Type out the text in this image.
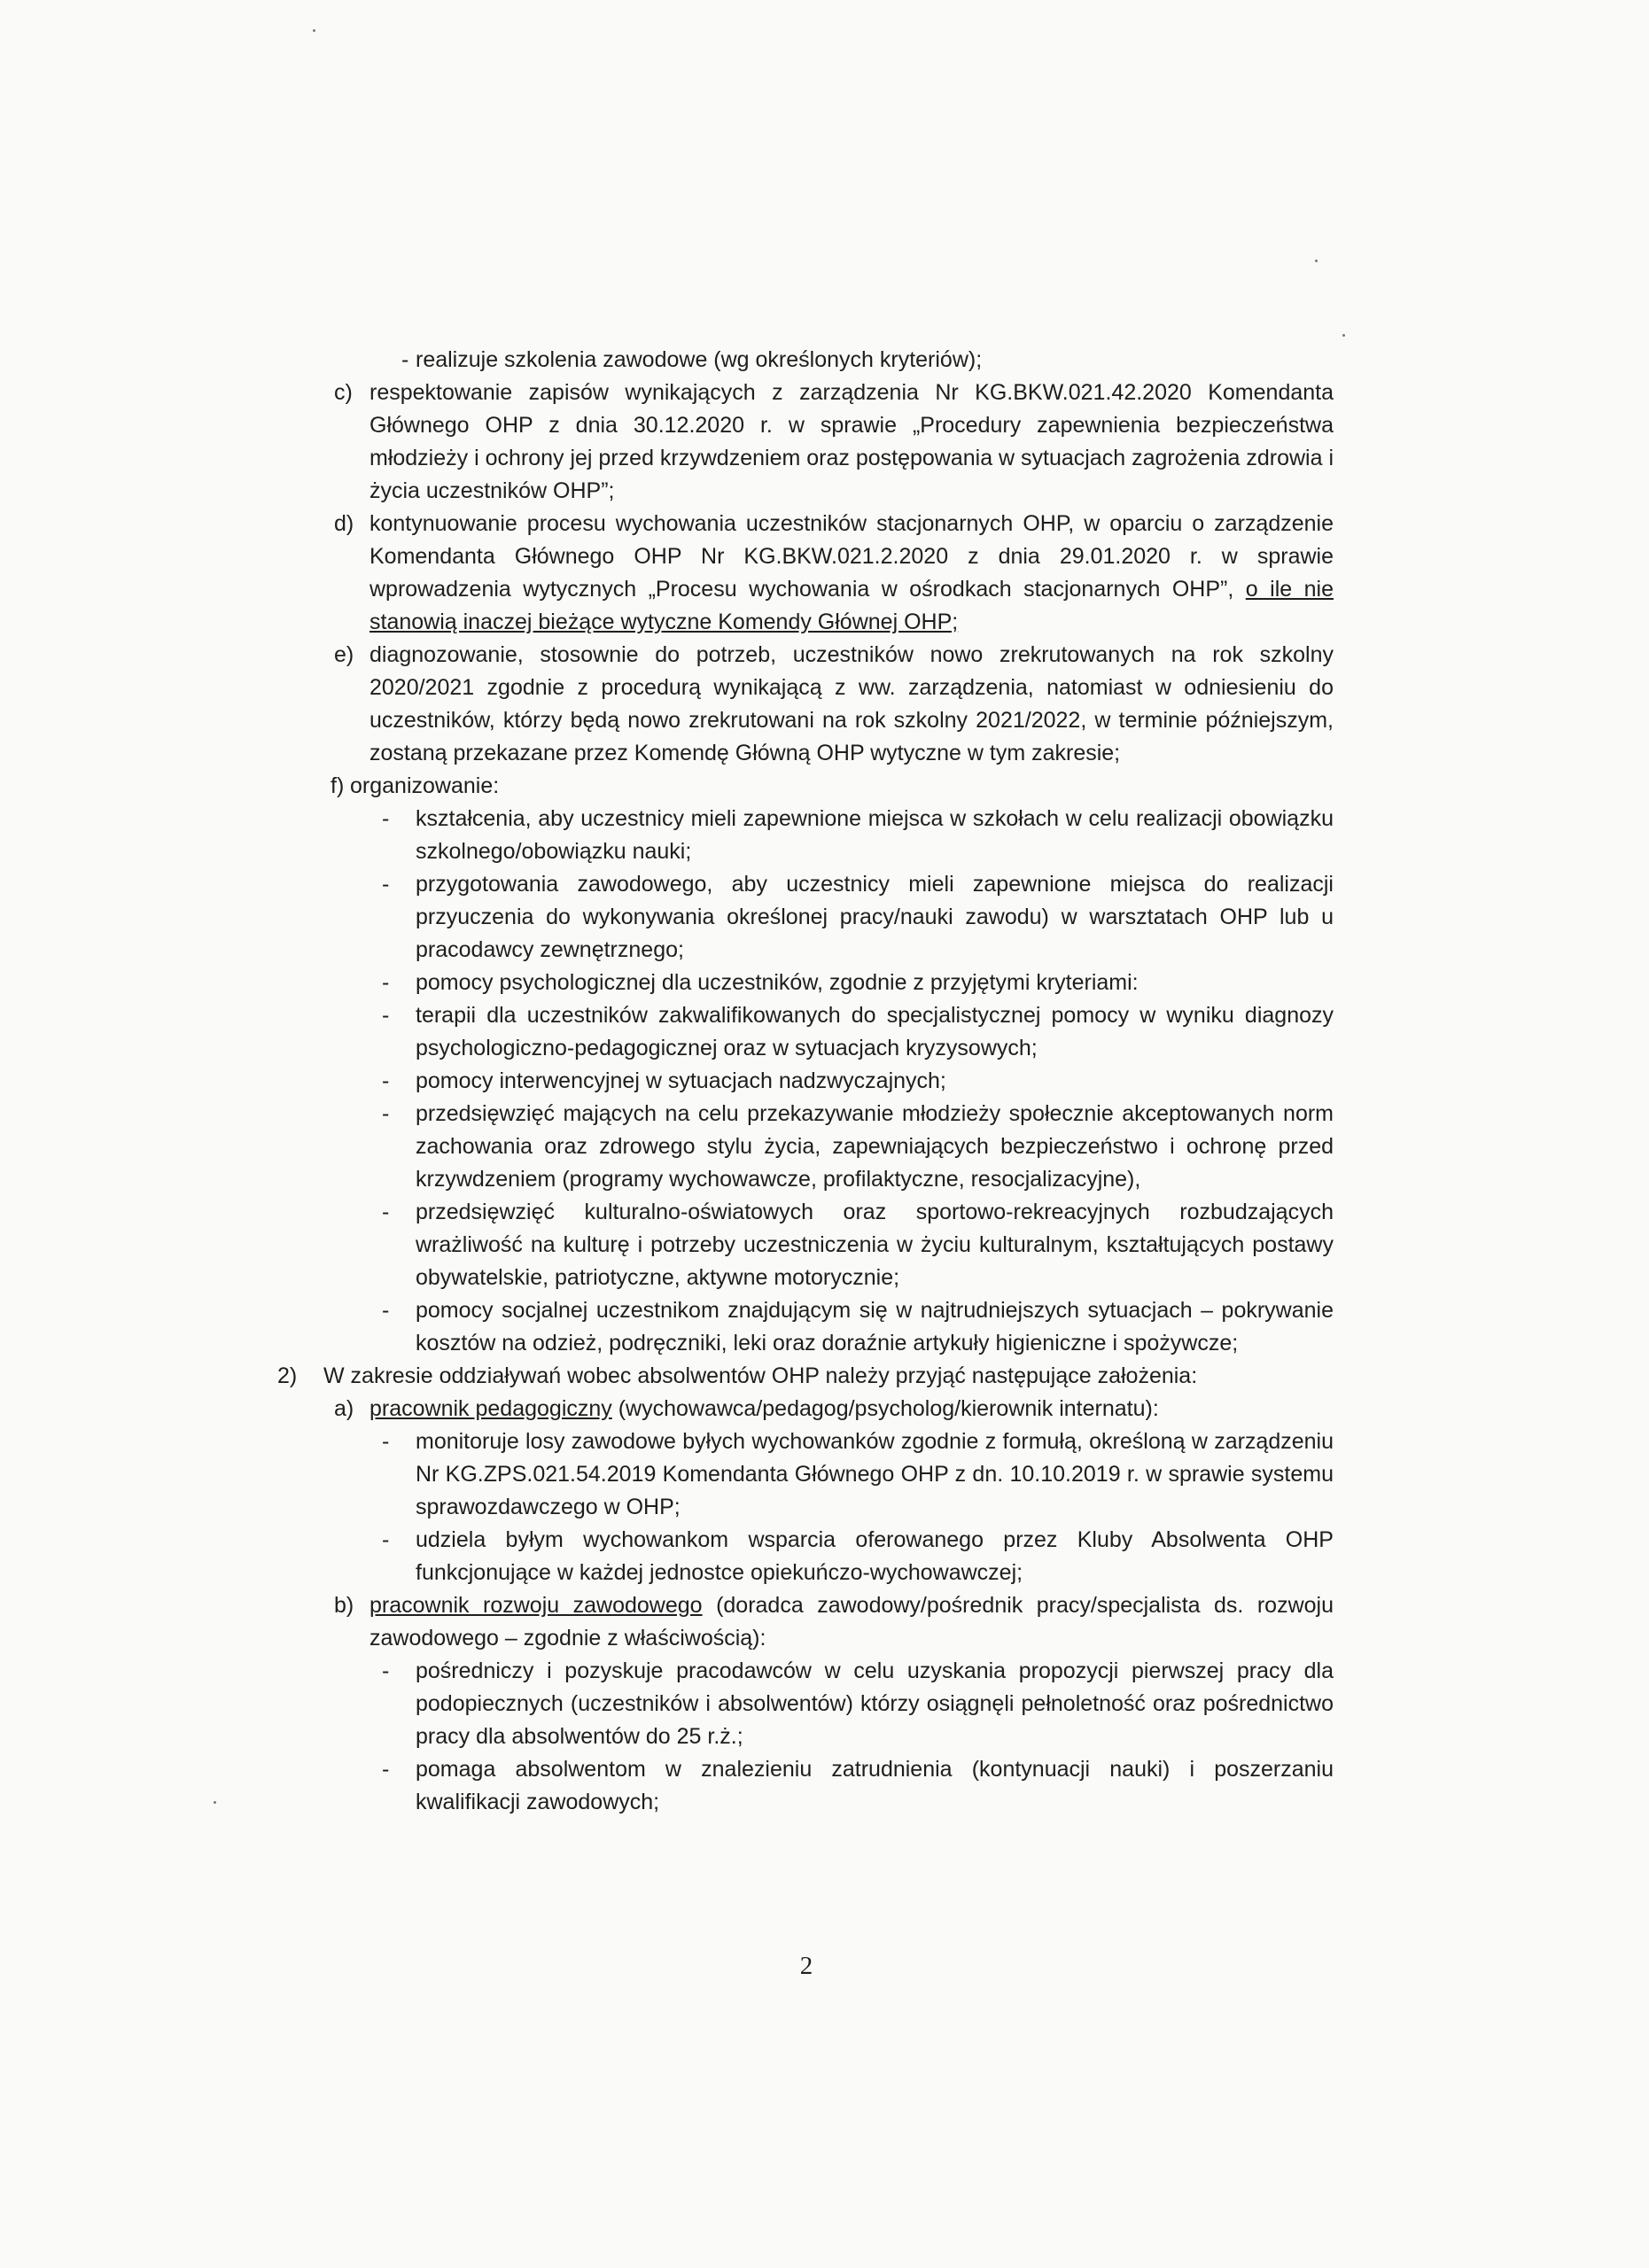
- realizuje szkolenia zawodowe (wg określonych kryteriów);
c) respektowanie zapisów wynikających z zarządzenia Nr KG.BKW.021.42.2020 Komendanta Głównego OHP z dnia 30.12.2020 r. w sprawie „Procedury zapewnienia bezpieczeństwa młodzieży i ochrony jej przed krzywdzeniem oraz postępowania w sytuacjach zagrożenia zdrowia i życia uczestników OHP”;
d) kontynuowanie procesu wychowania uczestników stacjonarnych OHP, w oparciu o zarządzenie Komendanta Głównego OHP Nr KG.BKW.021.2.2020 z dnia 29.01.2020 r. w sprawie wprowadzenia wytycznych „Procesu wychowania w ośrodkach stacjonarnych OHP”, o ile nie stanowią inaczej bieżące wytyczne Komendy Głównej OHP;
e) diagnozowanie, stosownie do potrzeb, uczestników nowo zrekrutowanych na rok szkolny 2020/2021 zgodnie z procedurą wynikającą z ww. zarządzenia, natomiast w odniesieniu do uczestników, którzy będą nowo zrekrutowani na rok szkolny 2021/2022, w terminie późniejszym, zostaną przekazane przez Komendę Główną OHP wytyczne w tym zakresie;
f) organizowanie:
- kształcenia, aby uczestnicy mieli zapewnione miejsca w szkołach w celu realizacji obowiązku szkolnego/obowiązku nauki;
- przygotowania zawodowego, aby uczestnicy mieli zapewnione miejsca do realizacji przyuczenia do wykonywania określonej pracy/nauki zawodu) w warsztatach OHP lub u pracodawcy zewnętrznego;
- pomocy psychologicznej dla uczestników, zgodnie z przyjętymi kryteriami:
- terapii dla uczestników zakwalifikowanych do specjalistycznej pomocy w wyniku diagnozy psychologiczno-pedagogicznej oraz w sytuacjach kryzysowych;
- pomocy interwencyjnej w sytuacjach nadzwyczajnych;
- przedsięwzięć mających na celu przekazywanie młodzieży społecznie akceptowanych norm zachowania oraz zdrowego stylu życia, zapewniających bezpieczeństwo i ochronę przed krzywdzeniem (programy wychowawcze, profilaktyczne, resocjalizacyjne),
- przedsięwzięć kulturalno-oświatowych oraz sportowo-rekreacyjnych rozbudzających wrażliwość na kulturę i potrzeby uczestniczenia w życiu kulturalnym, kształtujących postawy obywatelskie, patriotyczne, aktywne motorycznie;
- pomocy socjalnej uczestnikom znajdującym się w najtrudniejszych sytuacjach – pokrywanie kosztów na odzież, podręczniki, leki oraz doraźnie artykuły higieniczne i spożywcze;
2) W zakresie oddziaływań wobec absolwentów OHP należy przyjąć następujące założenia:
a) pracownik pedagogiczny (wychowawca/pedagog/psycholog/kierownik internatu):
- monitoruje losy zawodowe byłych wychowanków zgodnie z formułą, określoną w zarządzeniu Nr KG.ZPS.021.54.2019 Komendanta Głównego OHP z dn. 10.10.2019 r. w sprawie systemu sprawozdawczego w OHP;
- udziela byłym wychowankom wsparcia oferowanego przez Kluby Absolwenta OHP funkcjonujące w każdej jednostce opiekuńczo-wychowawczej;
b) pracownik rozwoju zawodowego (doradca zawodowy/pośrednik pracy/specjalista ds. rozwoju zawodowego – zgodnie z właściwością):
- pośredniczy i pozyskuje pracodawców w celu uzyskania propozycji pierwszej pracy dla podopiecznych (uczestników i absolwentów) którzy osiągnęli pełnoletność oraz pośrednictwo pracy dla absolwentów do 25 r.ż.;
- pomaga absolwentom w znalezieniu zatrudnienia (kontynuacji nauki) i poszerzaniu kwalifikacji zawodowych;
2
